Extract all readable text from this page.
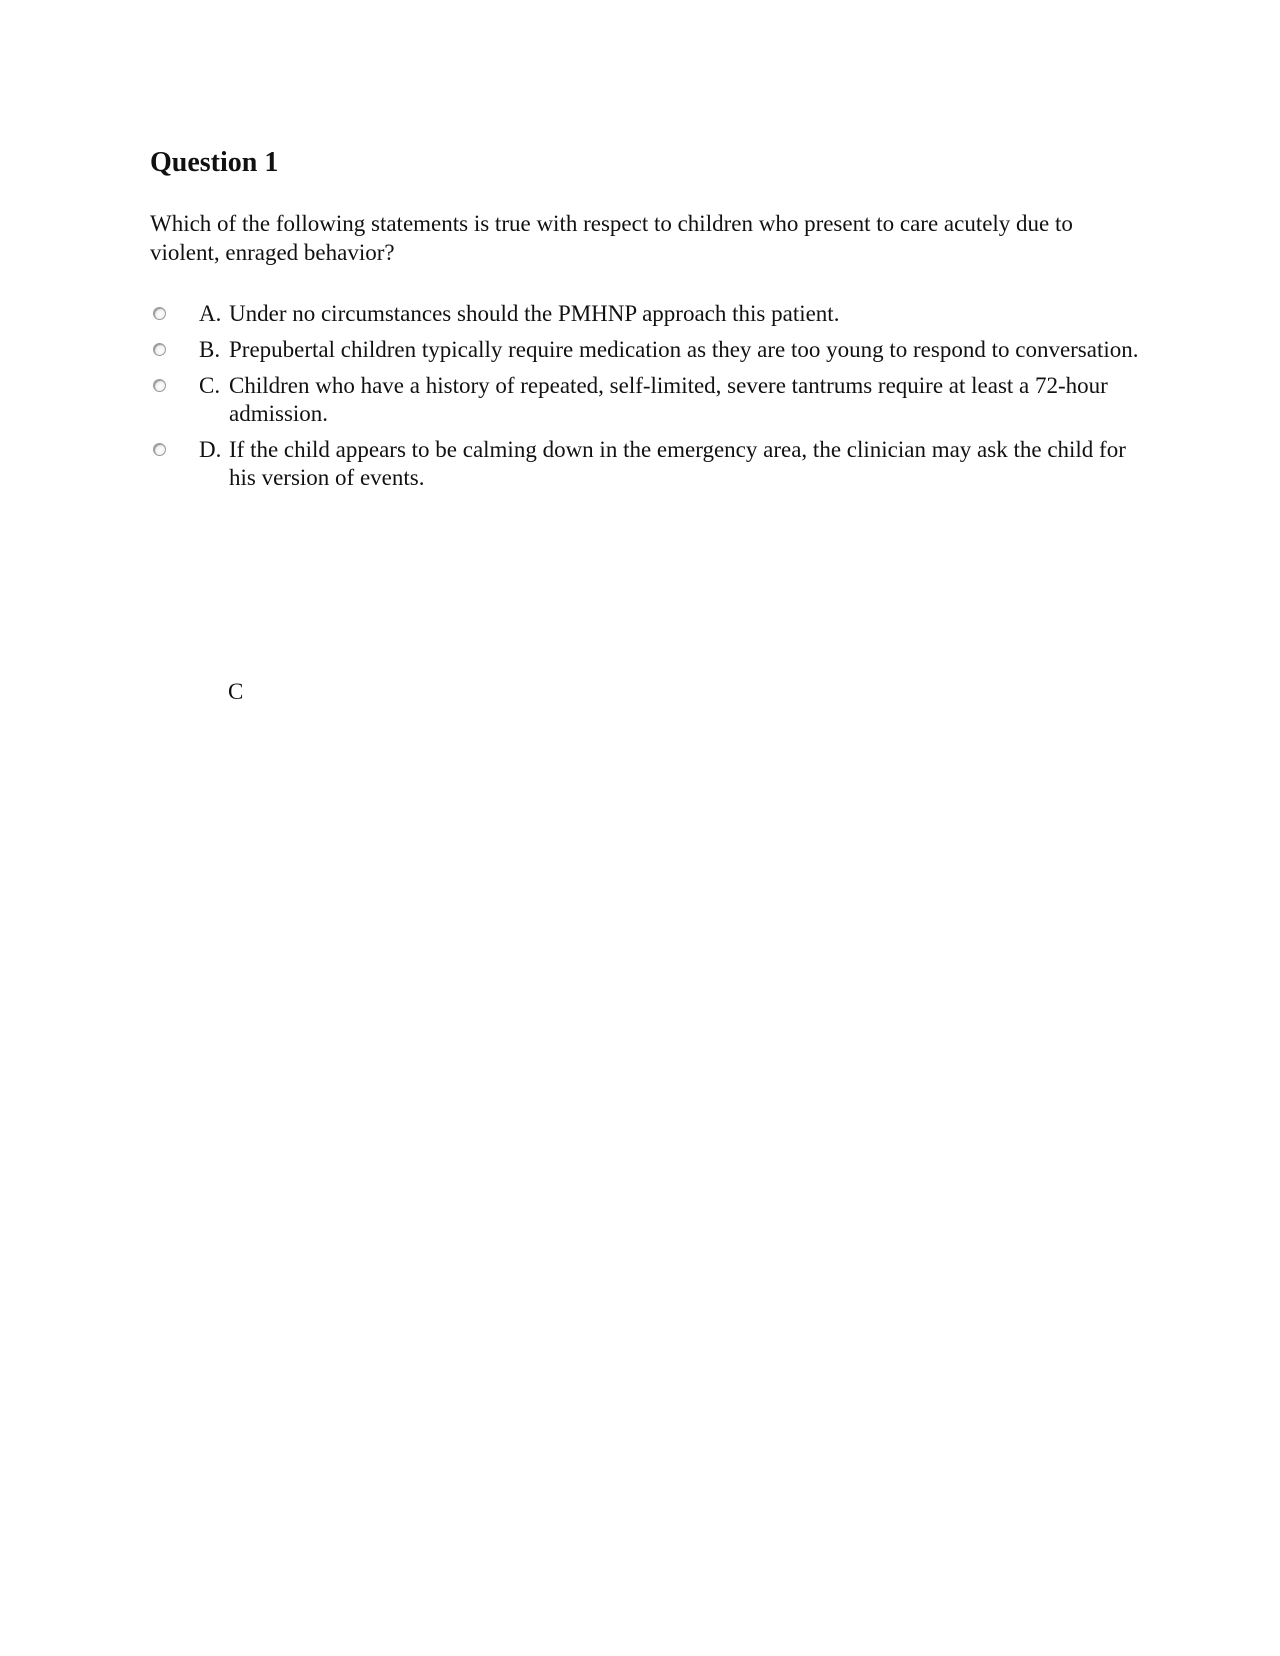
Question 1

Which of the following statements is true with respect to children who present to care acutely due to violent, enraged behavior?

A. Under no circumstances should the PMHNP approach this patient.
B. Prepubertal children typically require medication as they are too young to respond to conversation.
C. Children who have a history of repeated, self-limited, severe tantrums require at least a 72-hour admission.
D. If the child appears to be calming down in the emergency area, the clinician may ask the child for his version of events.
C
